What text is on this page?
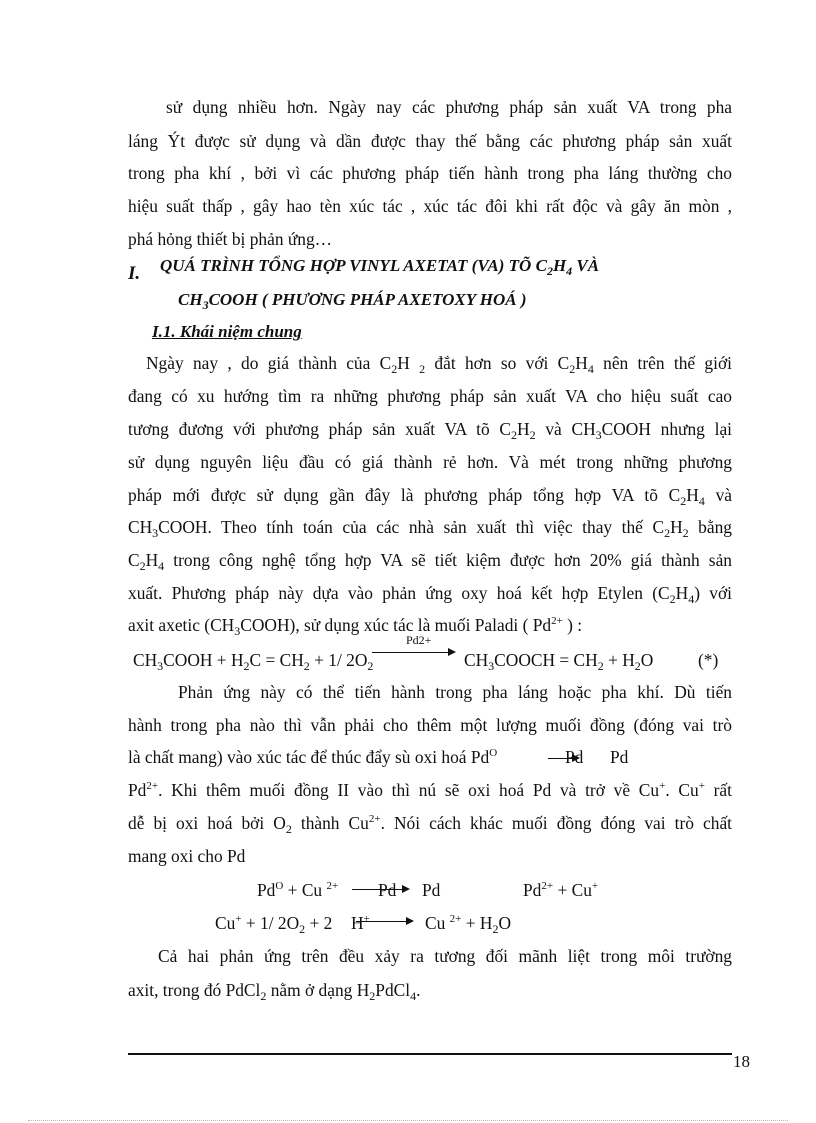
sử dụng nhiều hơn. Ngày nay các phương pháp sản xuất VA trong pha
láng Ýt được sử dụng và dần được thay thế bằng các phương pháp sản xuất
trong pha khí , bởi vì các phương pháp tiến hành trong pha láng thường cho
hiệu suất thấp , gây hao tèn xúc tác , xúc tác đôi khi rất độc và gây ăn mòn ,
phá hỏng thiết bị phản ứng…
I. QUÁ TRÌNH TỔNG HỢP VINYL AXETAT (VA) TÕ $C_2H_4$ VÀ
$CH_3COOH$ ( PHƯƠNG PHÁP AXETOXY HOÁ )
I.1. Khái niệm chung
Ngày nay , do giá thành của $C_2H$ $_2$ đắt hơn so với $C_2H_4$ nên trên thế giới
đang có xu hướng tìm ra những phương pháp sản xuất VA cho hiệu suất cao
tương đương với phương pháp sản xuất VA tõ $C_2H_2$ và $CH_3COOH$ nhưng lại
sử dụng nguyên liệu đầu có giá thành rẻ hơn. Và mét trong những phương
pháp mới được sử dụng gần đây là phương pháp tổng hợp VA tõ $C_2H_4$ và
$CH_3COOH$. Theo tính toán của các nhà sản xuất thì việc thay thế $C_2H_2$ bằng
$C_2H_4$ trong công nghệ tổng hợp VA sẽ tiết kiệm được hơn 20% giá thành sản
xuất. Phương pháp này dựa vào phản ứng oxy hoá kết hợp Etylen $(C_2H_4)$ với
axit axetic $(CH_3COOH)$, sử dụng xúc tác là muối Paladi ( $Pd^{2+}$ ) :
$CH_3COOH + H_2C = CH_2 + 1/$ $2O_2$
Pd2+
$CH_3COOCH = CH_2 + H_2O$	(*)
Phản ứng này có thể tiến hành trong pha láng hoặc pha khí. Dù tiến
hành trong pha nào thì vẫn phải cho thêm một lượng muối đồng (đóng vai trò
là chất mang) vào xúc tác để thúc đẩy sù oxi hoá $Pd^O$	Pd Pd
$Pd^{2+}$. Khi thêm muối đồng II vào thì nú sẽ oxi hoá Pd và trở về Cu+. Cu+ rất
dễ bị oxi hoá bởi $O_2$ thành $Cu^{2+}$. Nói cách khác muối đồng đóng vai trò chất
mang oxi cho Pd
$Pd^O + Cu$ $^{2+}$ Pd Pd	$Pd^{2+} + Cu^+$
Cu+ + 1/ $2O_2 + 2$ H+	Cu $^{2+} + H_2O$
Cả hai phản ứng trên đều xảy ra tương đối mãnh liệt trong môi trường
axit, trong đó PdCl$_2$ nằm ở dạng $H_2PdCl_4$.
18
